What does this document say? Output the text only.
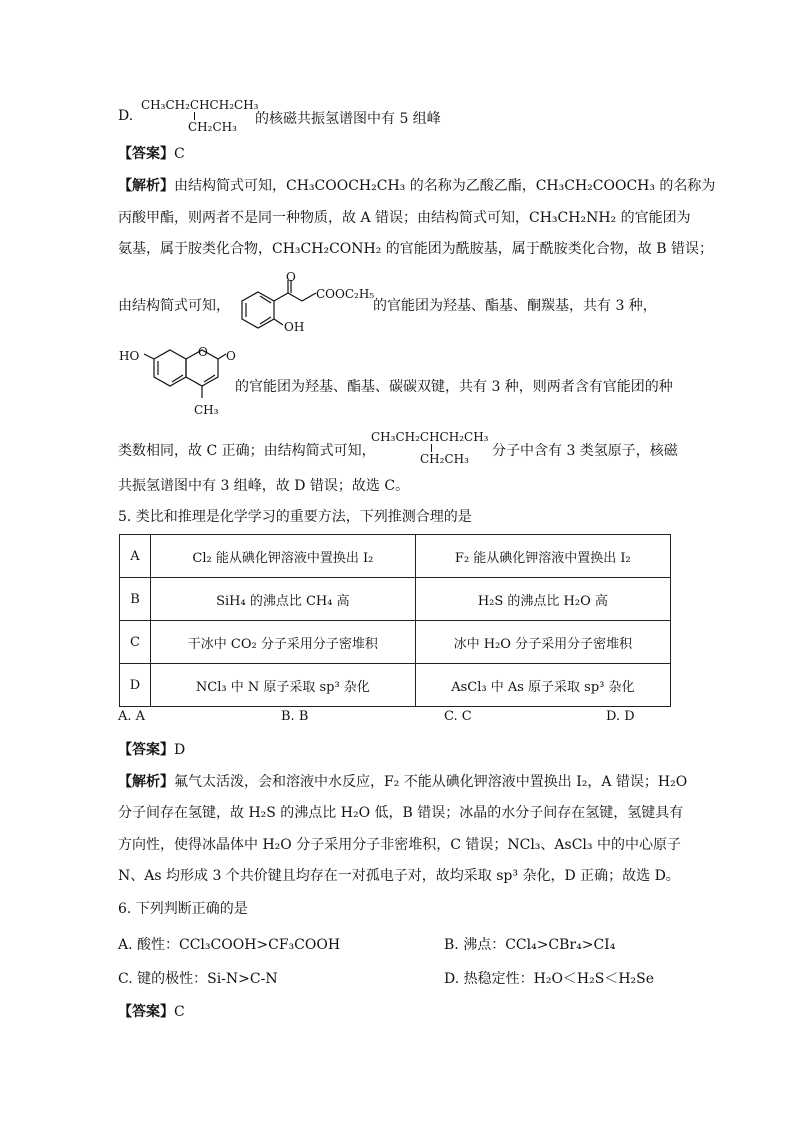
D.
CH₃CH₂CHCH₂CH₃
CH₂CH₃ 的核磁共振氢谱图中有 5 组峰
【答案】C
【解析】由结构简式可知，CH₃COOCH₂CH₃ 的名称为乙酸乙酯，CH₃CH₂COOCH₃ 的名称为
丙酸甲酯，则两者不是同一种物质，故 A 错误；由结构简式可知，CH₃CH₂NH₂ 的官能团为
氨基，属于胺类化合物，CH₃CH₂CONH₂ 的官能团为酰胺基，属于酰胺类化合物，故 B 错误；
由结构简式可知，
O
COOC₂H₅
OH
的官能团为羟基、酯基、酮羰基，共有 3 种，
HO	O O
CH₃
的官能团为羟基、酯基、碳碳双键，共有 3 种，则两者含有官能团的种
类数相同，故 C 正确；由结构简式可知，
CH₃CH₂CHCH₂CH₃
CH₂CH₃ 分子中含有 3 类氢原子，核磁
共振氢谱图中有 3 组峰，故 D 错误；故选 C。
5. 类比和推理是化学学习的重要方法，下列推测合理的是
A	Cl₂ 能从碘化钾溶液中置换出 I₂	F₂ 能从碘化钾溶液中置换出 I₂
B	SiH₄ 的沸点比 CH₄ 高	H₂S 的沸点比 H₂O 高
C	干冰中 CO₂ 分子采用分子密堆积	冰中 H₂O 分子采用分子密堆积
D	NCl₃ 中 N 原子采取 sp³ 杂化	AsCl₃ 中 As 原子采取 sp³ 杂化
A. A	B. B	C. C	D. D
【答案】D
【解析】氟气太活泼，会和溶液中水反应，F₂ 不能从碘化钾溶液中置换出 I₂，A 错误；H₂O
分子间存在氢键，故 H₂S 的沸点比 H₂O 低，B 错误；冰晶的水分子间存在氢键，氢键具有
方向性，使得冰晶体中 H₂O 分子采用分子非密堆积，C 错误；NCl₃、AsCl₃ 中的中心原子
N、As 均形成 3 个共价键且均存在一对孤电子对，故均采取 sp³ 杂化，D 正确；故选 D。
6. 下列判断正确的是
A. 酸性：CCl₃COOH>CF₃COOH	B. 沸点：CCl₄>CBr₄>CI₄
C. 键的极性：Si-N>C-N	D. 热稳定性：H₂O＜H₂S＜H₂Se
【答案】C
